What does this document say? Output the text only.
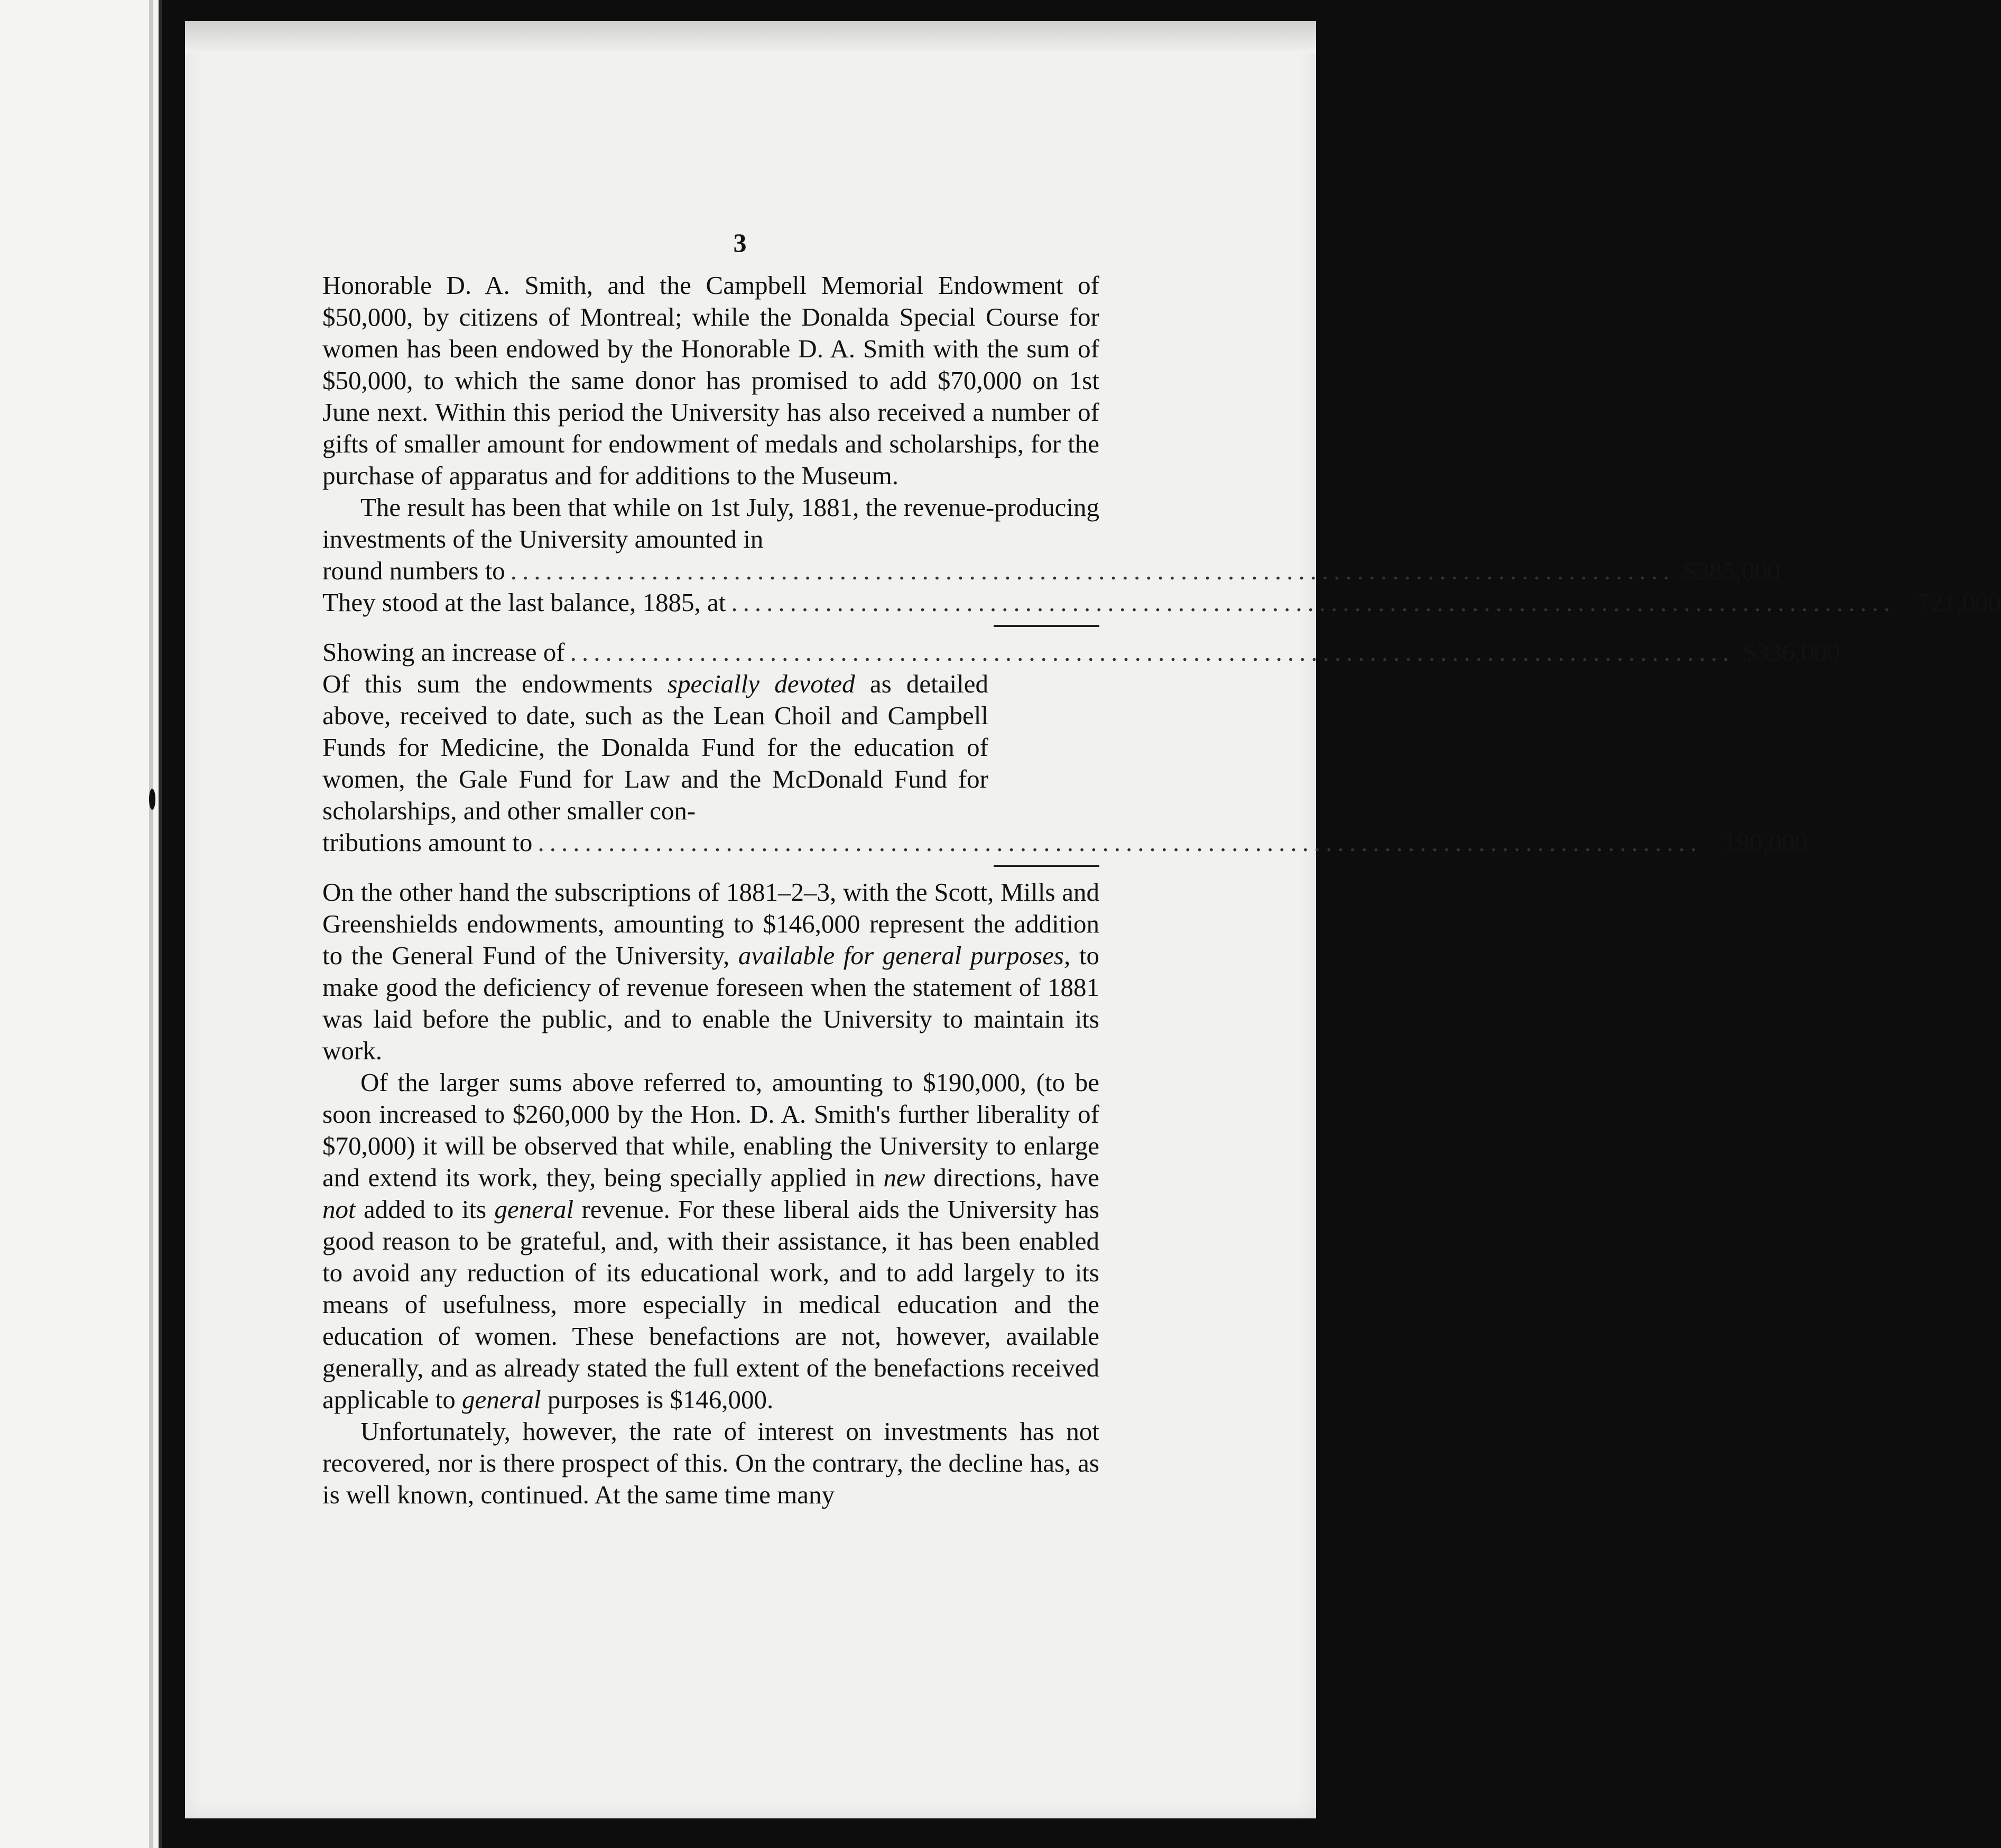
3

Honorable D. A. Smith, and the Campbell Memorial Endowment of $50,000, by citizens of Montreal; while the Donalda Special Course for women has been endowed by the Honorable D. A. Smith with the sum of $50,000, to which the same donor has promised to add $70,000 on 1st June next. Within this period the University has also received a number of gifts of smaller amount for endowment of medals and scholarships, for the purchase of apparatus and for additions to the Museum.

The result has been that while on 1st July, 1881, the revenue-producing investments of the University amounted in

round numbers to ................................................................................................... $385,000
They stood at the last balance, 1885, at ................................................................................................... 721,000
Showing an increase of ................................................................................................... $336,000

Of this sum the endowments specially devoted as detailed above, received to date, such as the Lean Choil and Campbell Funds for Medicine, the Donalda Fund for the education of women, the Gale Fund for Law and the McDonald Fund for scholarships, and other smaller con-

tributions amount to ................................................................................................... 190,000

On the other hand the subscriptions of 1881–2–3, with the Scott, Mills and Greenshields endowments, amounting to $146,000 represent the addition to the General Fund of the University, available for general purposes, to make good the deficiency of revenue foreseen when the statement of 1881 was laid before the public, and to enable the University to maintain its work.

Of the larger sums above referred to, amounting to $190,000, (to be soon increased to $260,000 by the Hon. D. A. Smith's further liberality of $70,000) it will be observed that while, enabling the University to enlarge and extend its work, they, being specially applied in new directions, have not added to its general revenue. For these liberal aids the University has good reason to be grateful, and, with their assistance, it has been enabled to avoid any reduction of its educational work, and to add largely to its means of usefulness, more especially in medical education and the education of women. These benefactions are not, however, available generally, and as already stated the full extent of the benefactions received applicable to general purposes is $146,000.

Unfortunately, however, the rate of interest on investments has not recovered, nor is there prospect of this. On the contrary, the decline has, as is well known, continued. At the same time many
